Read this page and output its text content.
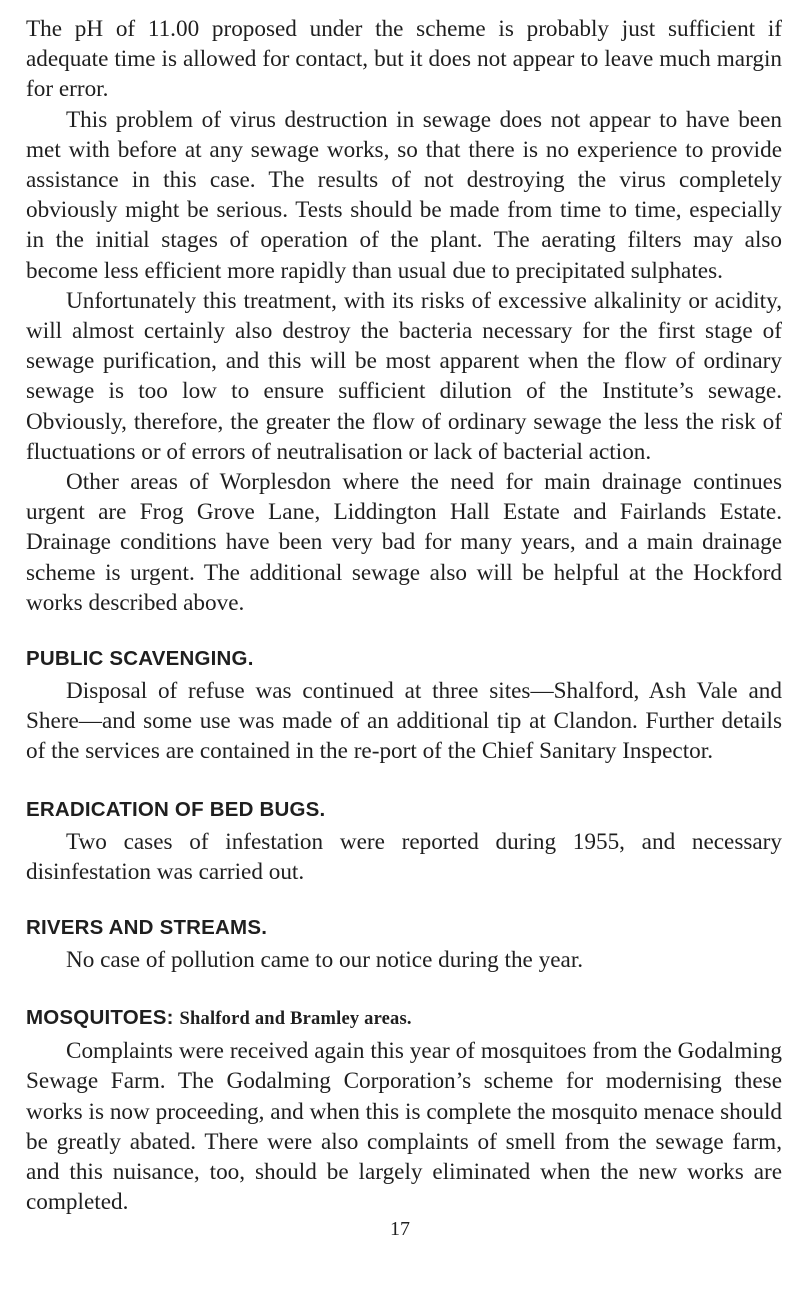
The pH of 11.00 proposed under the scheme is probably just sufficient if adequate time is allowed for contact, but it does not appear to leave much margin for error.

This problem of virus destruction in sewage does not appear to have been met with before at any sewage works, so that there is no experience to provide assistance in this case. The results of not destroying the virus completely obviously might be serious. Tests should be made from time to time, especially in the initial stages of operation of the plant. The aerating filters may also become less efficient more rapidly than usual due to precipitated sulphates.

Unfortunately this treatment, with its risks of excessive alkalinity or acidity, will almost certainly also destroy the bacteria necessary for the first stage of sewage purification, and this will be most apparent when the flow of ordinary sewage is too low to ensure sufficient dilution of the Institute’s sewage. Obviously, therefore, the greater the flow of ordinary sewage the less the risk of fluctuations or of errors of neutralisation or lack of bacterial action.

Other areas of Worplesdon where the need for main drainage continues urgent are Frog Grove Lane, Liddington Hall Estate and Fairlands Estate. Drainage conditions have been very bad for many years, and a main drainage scheme is urgent. The additional sewage also will be helpful at the Hockford works described above.

PUBLIC SCAVENGING.

Disposal of refuse was continued at three sites—Shalford, Ash Vale and Shere—and some use was made of an additional tip at Clandon. Further details of the services are contained in the re-port of the Chief Sanitary Inspector.

ERADICATION OF BED BUGS.

Two cases of infestation were reported during 1955, and necessary disinfestation was carried out.

RIVERS AND STREAMS.

No case of pollution came to our notice during the year.

MOSQUITOES: Shalford and Bramley areas.

Complaints were received again this year of mosquitoes from the Godalming Sewage Farm. The Godalming Corporation’s scheme for modernising these works is now proceeding, and when this is complete the mosquito menace should be greatly abated. There were also complaints of smell from the sewage farm, and this nuisance, too, should be largely eliminated when the new works are completed.

17
